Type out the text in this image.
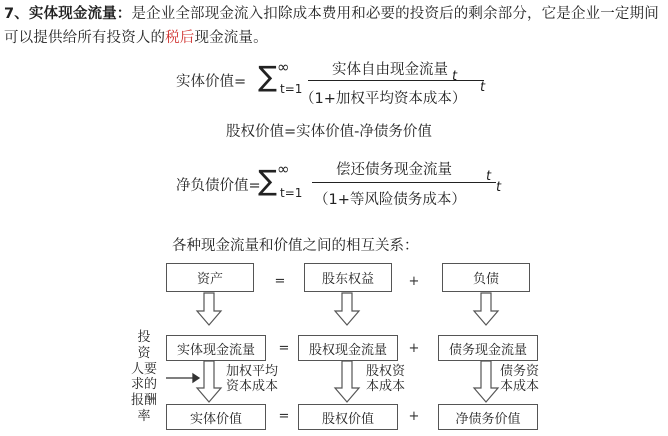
7、实体现金流量：是企业全部现金流入扣除成本费用和必要的投资后的剩余部分，它是企业一定期间可以提供给所有投资人的税后现金流量。
实体价值= ∑ ∞
t=1
实体自由现金流量 t
（1+加权平均资本成本）
t
股权价值=实体价值-净债务价值
净负债价值=
∑ ∞
t=1
偿还债务现金流量	t
（1+等风险债务成本）
t
各种现金流量和价值之间的相互关系：
资产	=	股东权益	+	负债
实体现金流量	=	股权现金流量	+	债务现金流量
实体价值	=	股权价值	+	净债务价值
投
资
人要
求的
报酬
率
加权平均
资本成本
股权资
本成本
债务资
本成本
